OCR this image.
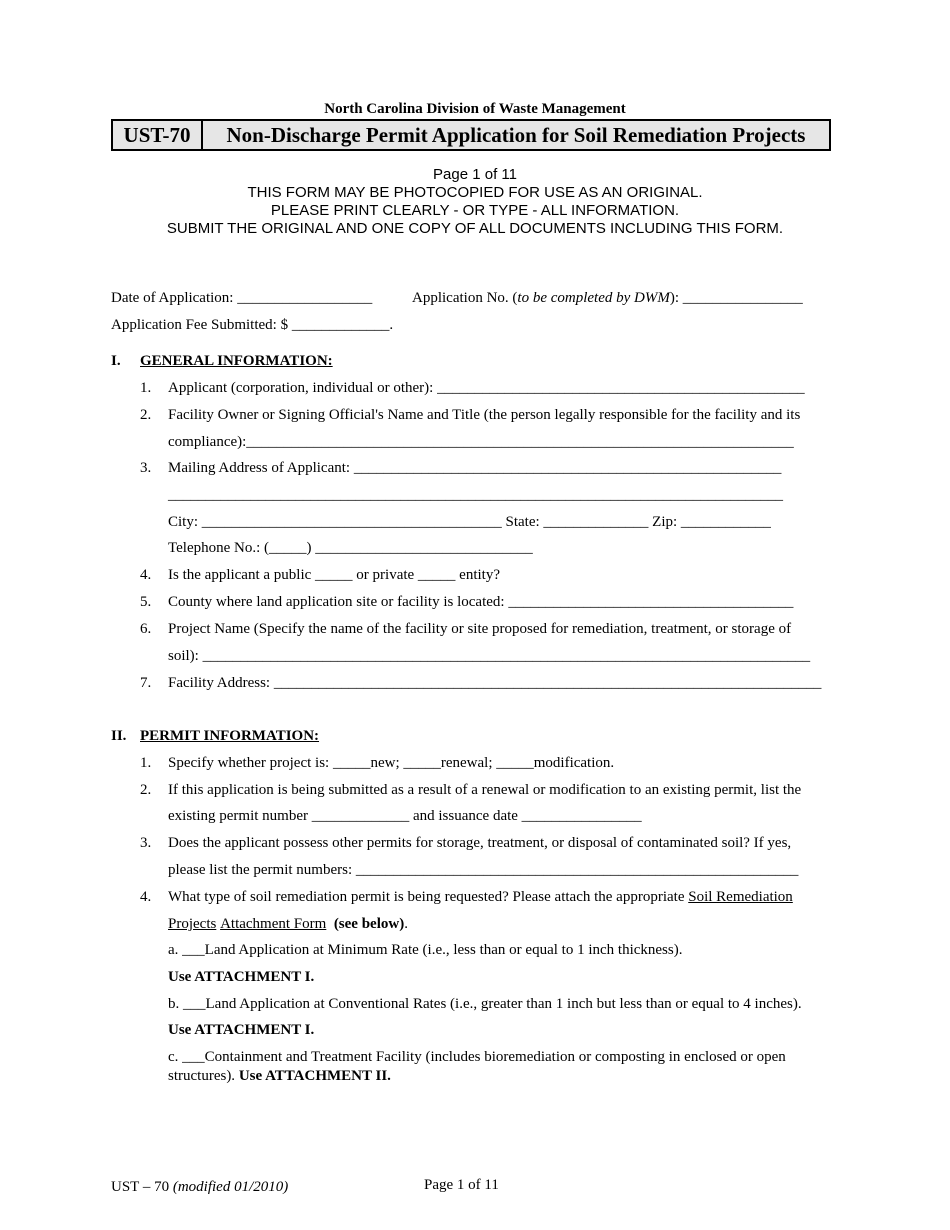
North Carolina Division of Waste Management
UST-70	Non-Discharge Permit Application for Soil Remediation Projects
Page 1 of 11
THIS FORM MAY BE PHOTOCOPIED FOR USE AS AN ORIGINAL.
PLEASE PRINT CLEARLY - OR TYPE - ALL INFORMATION.
SUBMIT THE ORIGINAL AND ONE COPY OF ALL DOCUMENTS INCLUDING THIS FORM.
Date of Application: __________________	Application No. (to be completed by DWM): ________________
Application Fee Submitted: $ _____________.
I. GENERAL INFORMATION:
1. Applicant (corporation, individual or other): _________________________________________________
2. Facility Owner or Signing Official's Name and Title (the person legally responsible for the facility and its
compliance):_________________________________________________________________________
3. Mailing Address of Applicant: _________________________________________________________
__________________________________________________________________________________
City: ________________________________________ State: ______________ Zip: ____________
Telephone No.: (_____) _____________________________
4. Is the applicant a public _____ or private _____ entity?
5. County where land application site or facility is located: ______________________________________
6. Project Name (Specify the name of the facility or site proposed for remediation, treatment, or storage of
soil): _________________________________________________________________________________
7. Facility Address: _________________________________________________________________________
II. PERMIT INFORMATION:
1. Specify whether project is: _____new; _____renewal; _____modification.
2. If this application is being submitted as a result of a renewal or modification to an existing permit, list the
existing permit number _____________ and issuance date ________________
3. Does the applicant possess other permits for storage, treatment, or disposal of contaminated soil? If yes,
please list the permit numbers: ___________________________________________________________
4. What type of soil remediation permit is being requested? Please attach the appropriate Soil Remediation
Projects Attachment Form (see below).
a. ___Land Application at Minimum Rate (i.e., less than or equal to 1 inch thickness).
Use ATTACHMENT I.
b. ___Land Application at Conventional Rates (i.e., greater than 1 inch but less than or equal to 4 inches).
Use ATTACHMENT I.
c. ___Containment and Treatment Facility (includes bioremediation or composting in enclosed or open
structures). Use ATTACHMENT II.
UST – 70 (modified 01/2010)	Page 1 of 11
